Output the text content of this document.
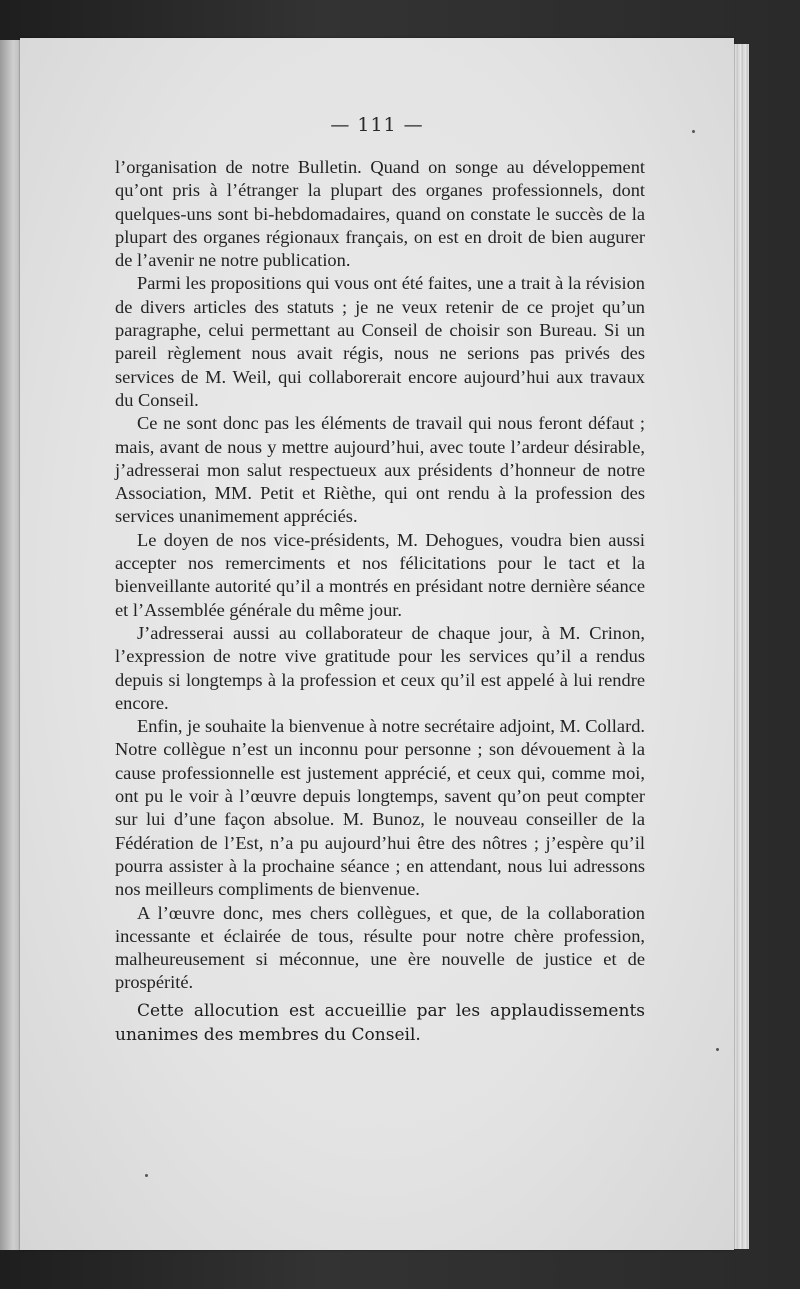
— 111 —

l’organisation de notre Bulletin. Quand on songe au développement qu’ont pris à l’étranger la plupart des organes professionnels, dont quelques-uns sont bi-hebdomadaires, quand on constate le succès de la plupart des organes régionaux français, on est en droit de bien augurer de l’avenir ne notre publication.

Parmi les propositions qui vous ont été faites, une a trait à la révision de divers articles des statuts ; je ne veux retenir de ce projet qu’un paragraphe, celui permettant au Conseil de choisir son Bureau. Si un pareil règlement nous avait régis, nous ne serions pas privés des services de M. Weil, qui collaborerait encore aujourd’hui aux travaux du Conseil.

Ce ne sont donc pas les éléments de travail qui nous feront défaut ; mais, avant de nous y mettre aujourd’hui, avec toute l’ardeur désirable, j’adresserai mon salut respectueux aux présidents d’honneur de notre Association, MM. Petit et Rièthe, qui ont rendu à la profession des services unanimement appréciés.

Le doyen de nos vice-présidents, M. Dehogues, voudra bien aussi accepter nos remerciments et nos félicitations pour le tact et la bienveillante autorité qu’il a montrés en présidant notre dernière séance et l’Assemblée générale du même jour.

J’adresserai aussi au collaborateur de chaque jour, à M. Crinon, l’expression de notre vive gratitude pour les services qu’il a rendus depuis si longtemps à la profession et ceux qu’il est appelé à lui rendre encore.

Enfin, je souhaite la bienvenue à notre secrétaire adjoint, M. Collard. Notre collègue n’est un inconnu pour personne ; son dévouement à la cause professionnelle est justement apprécié, et ceux qui, comme moi, ont pu le voir à l’œuvre depuis longtemps, savent qu’on peut compter sur lui d’une façon absolue. M. Bunoz, le nouveau conseiller de la Fédération de l’Est, n’a pu aujourd’hui être des nôtres ; j’espère qu’il pourra assister à la prochaine séance ; en attendant, nous lui adressons nos meilleurs compliments de bienvenue.

A l’œuvre donc, mes chers collègues, et que, de la collaboration incessante et éclairée de tous, résulte pour notre chère profession, malheureusement si méconnue, une ère nouvelle de justice et de prospérité.

Cette allocution est accueillie par les applaudissements unanimes des membres du Conseil.
